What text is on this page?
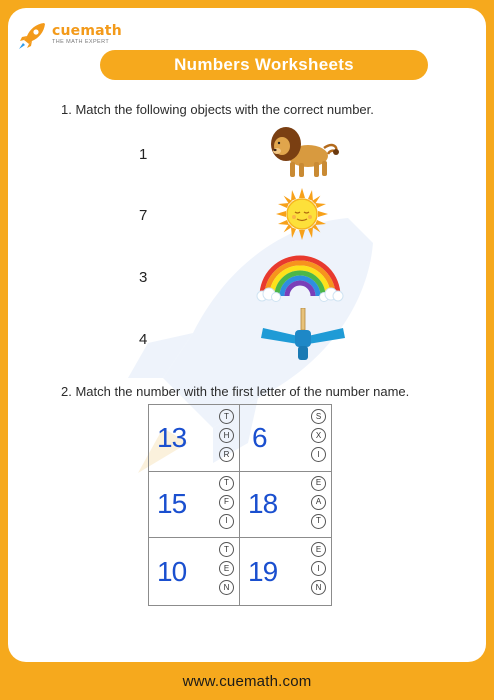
cuemath
THE MATH EXPERT
Numbers Worksheets
1. Match the following objects with the correct number.
1
7
3
4
2. Match the number with the first letter of the number name.
13
T
H
R
6
S
X
I
15
T
F
I
18
E
A
T
10
T
E
N
19
E
I
N
www.cuemath.com
